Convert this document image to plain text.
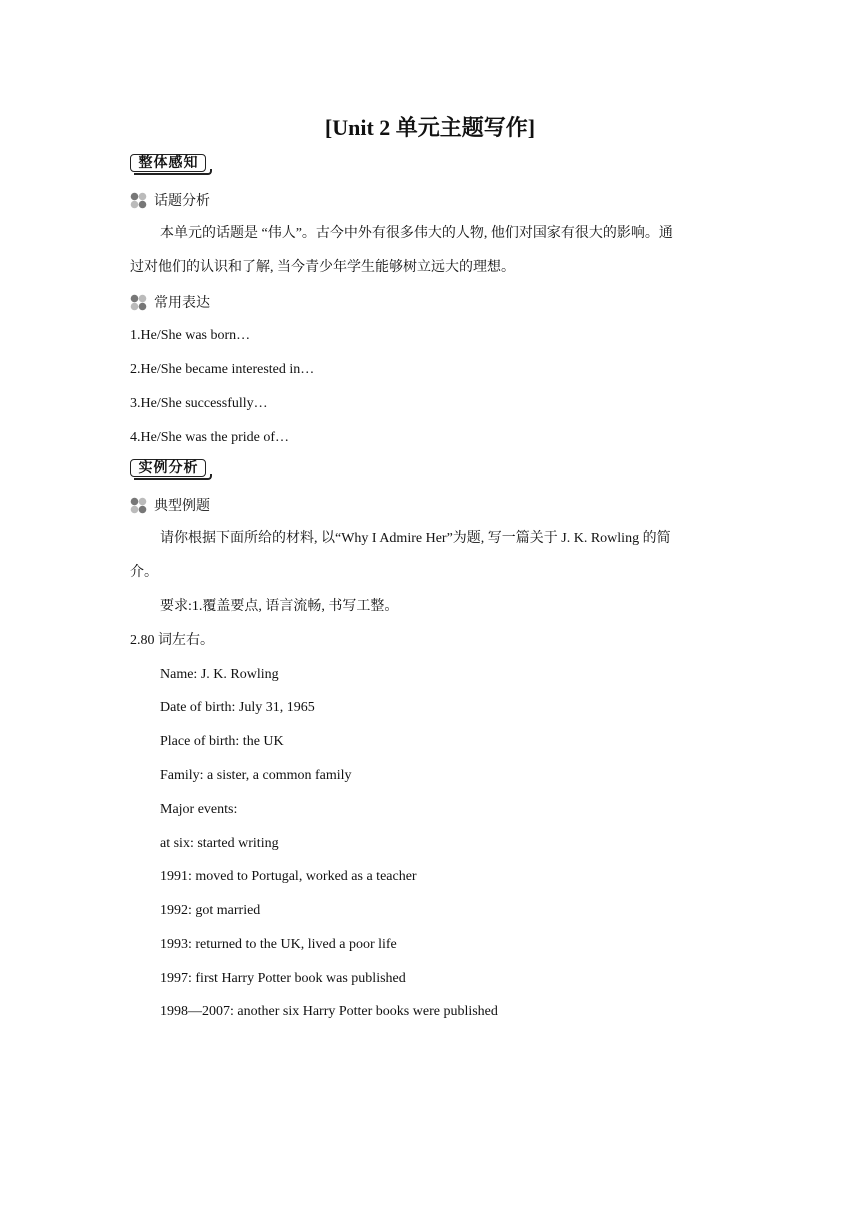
[Unit 2 单元主题写作]
整体感知
话题分析
本单元的话题是 “伟人”。古今中外有很多伟大的人物, 他们对国家有很大的影响。通
过对他们的认识和了解, 当今青少年学生能够树立远大的理想。
常用表达
1.He/She was born…
2.He/She became interested in…
3.He/She successfully…
4.He/She was the pride of…
实例分析
典型例题
请你根据下面所给的材料, 以“Why I Admire Her”为题, 写一篇关于 J. K. Rowling 的简
介。
要求:1.覆盖要点, 语言流畅, 书写工整。
2.80 词左右。
Name: J. K. Rowling
Date of birth: July 31, 1965
Place of birth: the UK
Family: a sister, a common family
Major events:
at six: started writing
1991: moved to Portugal, worked as a teacher
1992: got married
1993: returned to the UK, lived a poor life
1997: first Harry Potter book was published
1998—2007: another six Harry Potter books were published
